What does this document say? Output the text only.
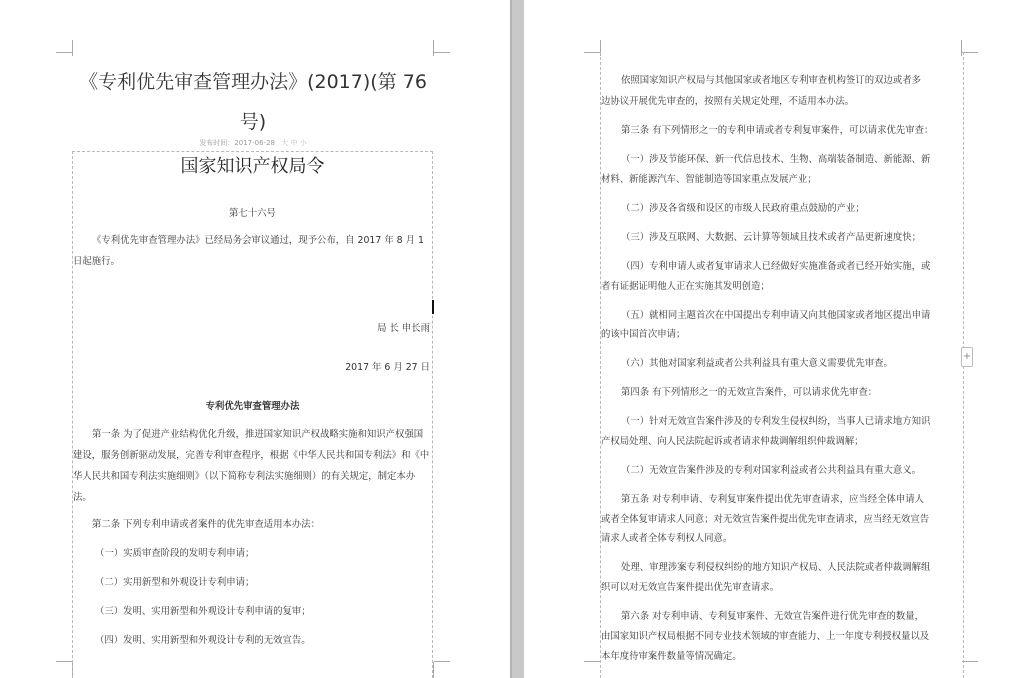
《专利优先审查管理办法》(2017)(第 76
号)
发布时间：2017-06-28 大 中 小
国家知识产权局令
第七十六号
《专利优先审查管理办法》已经局务会审议通过，现予公布，自 2017 年 8 月 1 日起施行。
局 长 申长雨
2017 年 6 月 27 日
专利优先审查管理办法
第一条 为了促进产业结构优化升级，推进国家知识产权战略实施和知识产权强国建设，服务创新驱动发展，完善专利审查程序，根据《中华人民共和国专利法》和《中华人民共和国专利法实施细则》（以下简称专利法实施细则）的有关规定，制定本办法。
第二条 下列专利申请或者案件的优先审查适用本办法：
（一）实质审查阶段的发明专利申请；
（二）实用新型和外观设计专利申请；
（三）发明、实用新型和外观设计专利申请的复审；
（四）发明、实用新型和外观设计专利的无效宣告。
依照国家知识产权局与其他国家或者地区专利审查机构签订的双边或者多
边协议开展优先审查的，按照有关规定处理，不适用本办法。
第三条 有下列情形之一的专利申请或者专利复审案件，可以请求优先审查：
（一）涉及节能环保、新一代信息技术、生物、高端装备制造、新能源、新
材料、新能源汽车、智能制造等国家重点发展产业；
（二）涉及各省级和设区的市级人民政府重点鼓励的产业；
（三）涉及互联网、大数据、云计算等领域且技术或者产品更新速度快；
（四）专利申请人或者复审请求人已经做好实施准备或者已经开始实施，或
者有证据证明他人正在实施其发明创造；
（五）就相同主题首次在中国提出专利申请又向其他国家或者地区提出申请
的该中国首次申请；
（六）其他对国家利益或者公共利益具有重大意义需要优先审查。
第四条 有下列情形之一的无效宣告案件，可以请求优先审查：
（一）针对无效宣告案件涉及的专利发生侵权纠纷，当事人已请求地方知识
产权局处理、向人民法院起诉或者请求仲裁调解组织仲裁调解；
（二）无效宣告案件涉及的专利对国家利益或者公共利益具有重大意义。
第五条 对专利申请、专利复审案件提出优先审查请求，应当经全体申请人
或者全体复审请求人同意；对无效宣告案件提出优先审查请求，应当经无效宣告
请求人或者全体专利权人同意。
处理、审理涉案专利侵权纠纷的地方知识产权局、人民法院或者仲裁调解组
织可以对无效宣告案件提出优先审查请求。
第六条 对专利申请、专利复审案件、无效宣告案件进行优先审查的数量，
由国家知识产权局根据不同专业技术领域的审查能力、上一年度专利授权量以及
本年度待审案件数量等情况确定。
+
